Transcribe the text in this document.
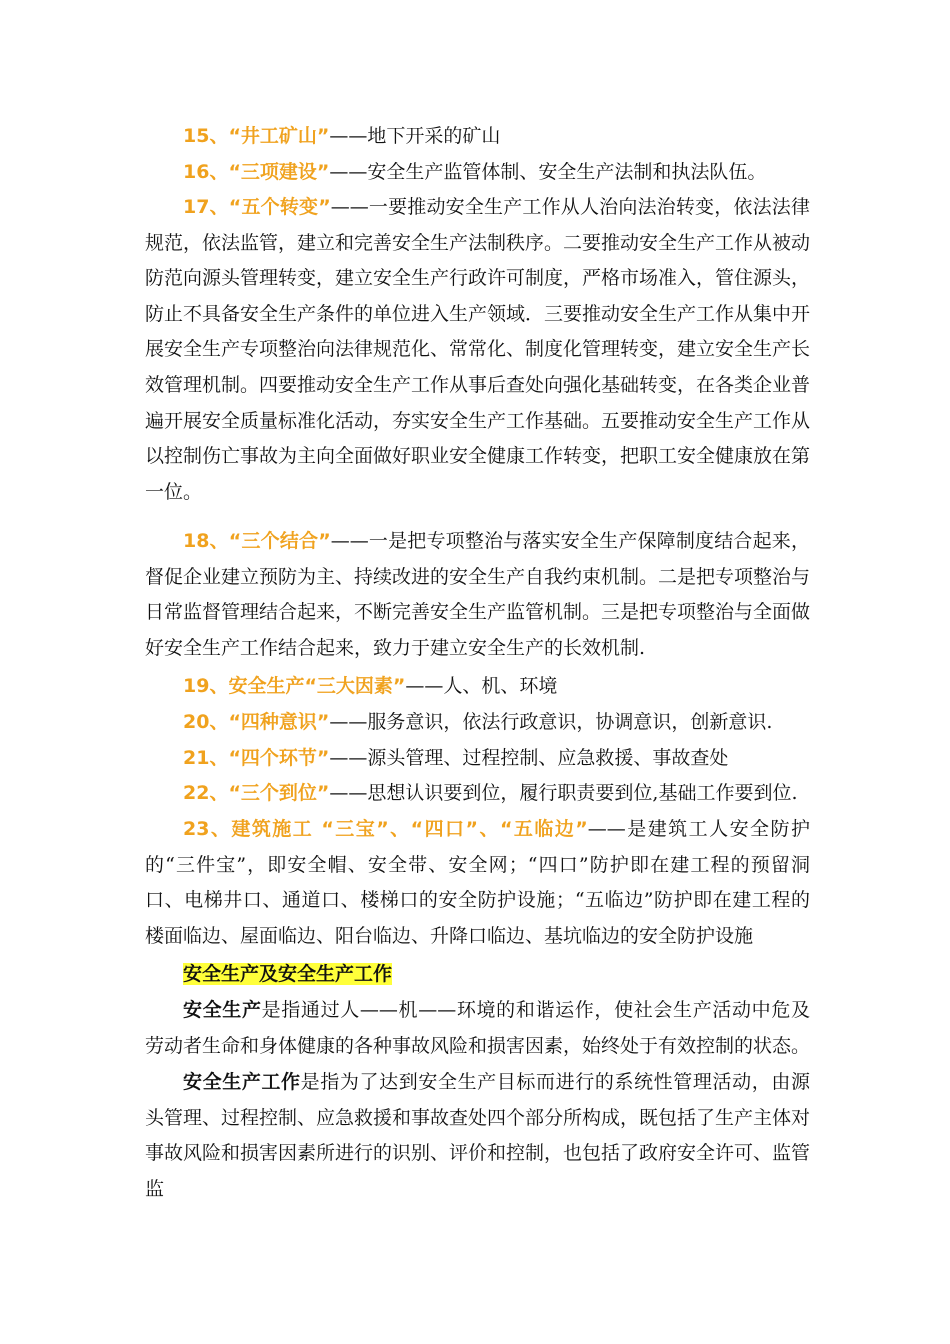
15、“井工矿山”——地下开采的矿山

16、“三项建设”——安全生产监管体制、安全生产法制和执法队伍。

17、“五个转变”——一要推动安全生产工作从人治向法治转变，依法法律规范，依法监管，建立和完善安全生产法制秩序。二要推动安全生产工作从被动防范向源头管理转变，建立安全生产行政许可制度，严格市场准入，管住源头，防止不具备安全生产条件的单位进入生产领域．三要推动安全生产工作从集中开展安全生产专项整治向法律规范化、常常化、制度化管理转变，建立安全生产长效管理机制。四要推动安全生产工作从事后查处向强化基础转变，在各类企业普遍开展安全质量标准化活动，夯实安全生产工作基础。五要推动安全生产工作从以控制伤亡事故为主向全面做好职业安全健康工作转变，把职工安全健康放在第一位。

18、“三个结合”——一是把专项整治与落实安全生产保障制度结合起来，督促企业建立预防为主、持续改进的安全生产自我约束机制。二是把专项整治与日常监督管理结合起来，不断完善安全生产监管机制。三是把专项整治与全面做好安全生产工作结合起来，致力于建立安全生产的长效机制.

19、安全生产“三大因素”——人、机、环境

20、“四种意识”——服务意识，依法行政意识，协调意识，创新意识.

21、“四个环节”——源头管理、过程控制、应急救援、事故查处

22、“三个到位”——思想认识要到位，履行职责要到位,基础工作要到位.

23、建筑施工 “三宝”、“四口”、“五临边”——是建筑工人安全防护的“三件宝”，即安全帽、安全带、安全网；“四口”防护即在建工程的预留洞口、电梯井口、通道口、楼梯口的安全防护设施；“五临边”防护即在建工程的楼面临边、屋面临边、阳台临边、升降口临边、基坑临边的安全防护设施

安全生产及安全生产工作

安全生产是指通过人——机——环境的和谐运作，使社会生产活动中危及劳动者生命和身体健康的各种事故风险和损害因素，始终处于有效控制的状态。

安全生产工作是指为了达到安全生产目标而进行的系统性管理活动，由源头管理、过程控制、应急救援和事故查处四个部分所构成，既包括了生产主体对事故风险和损害因素所进行的识别、评价和控制，也包括了政府安全许可、监管监
